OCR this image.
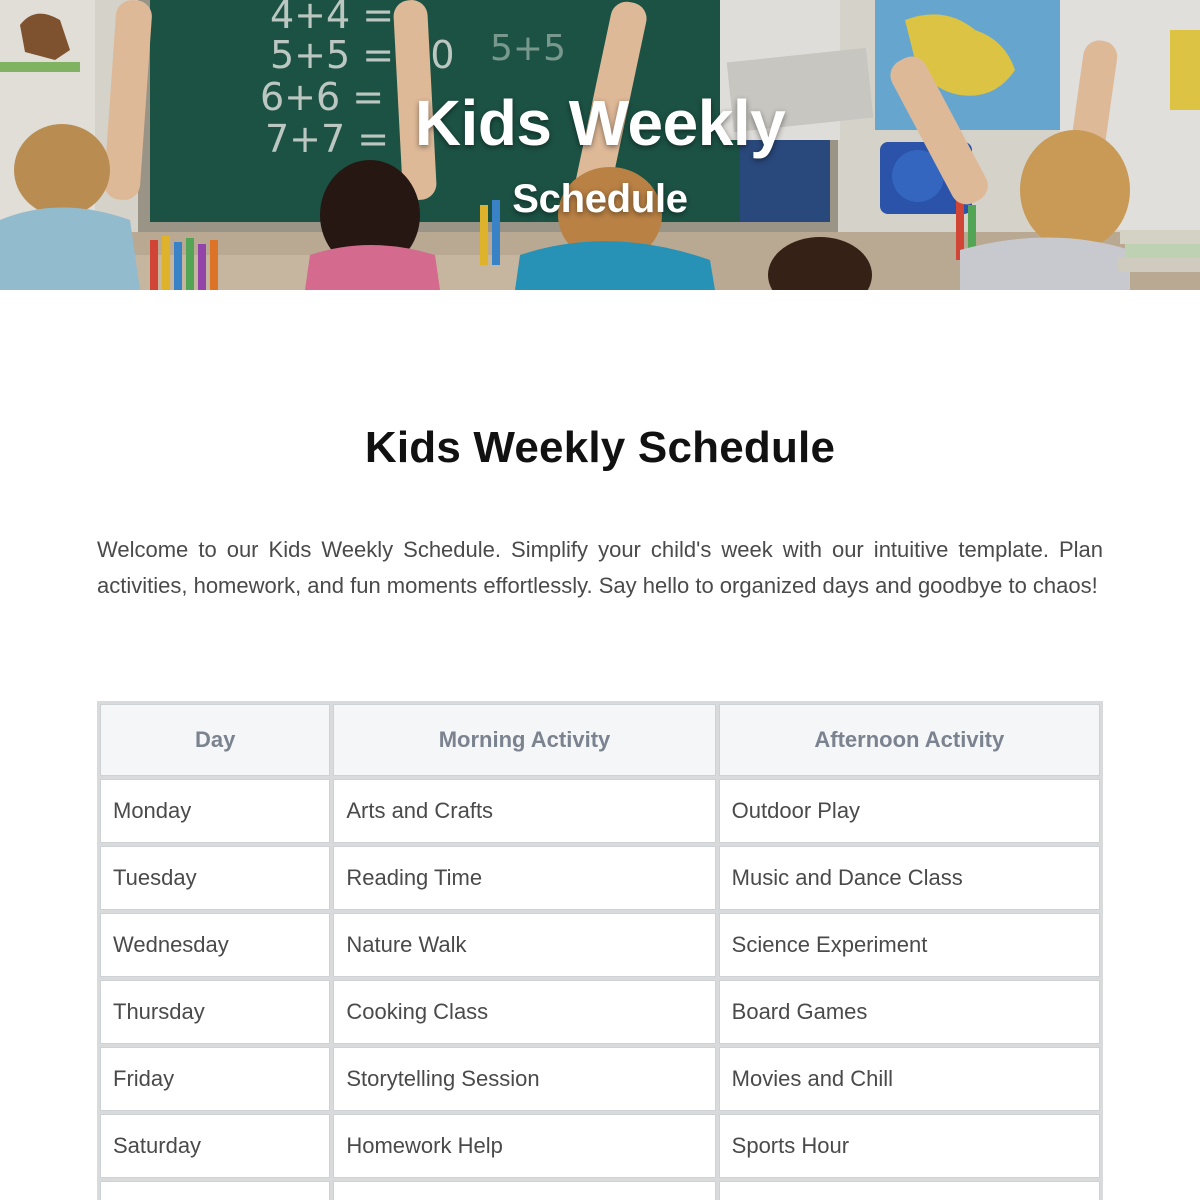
Kids Weekly
Schedule
Kids Weekly Schedule

Welcome to our Kids Weekly Schedule. Simplify your child's week with our intuitive template. Plan activities, homework, and fun moments effortlessly. Say hello to organized days and goodbye to chaos!

Day	Morning Activity	Afternoon Activity
Monday	Arts and Crafts	Outdoor Play
Tuesday	Reading Time	Music and Dance Class
Wednesday	Nature Walk	Science Experiment
Thursday	Cooking Class	Board Games
Friday	Storytelling Session	Movies and Chill
Saturday	Homework Help	Sports Hour
